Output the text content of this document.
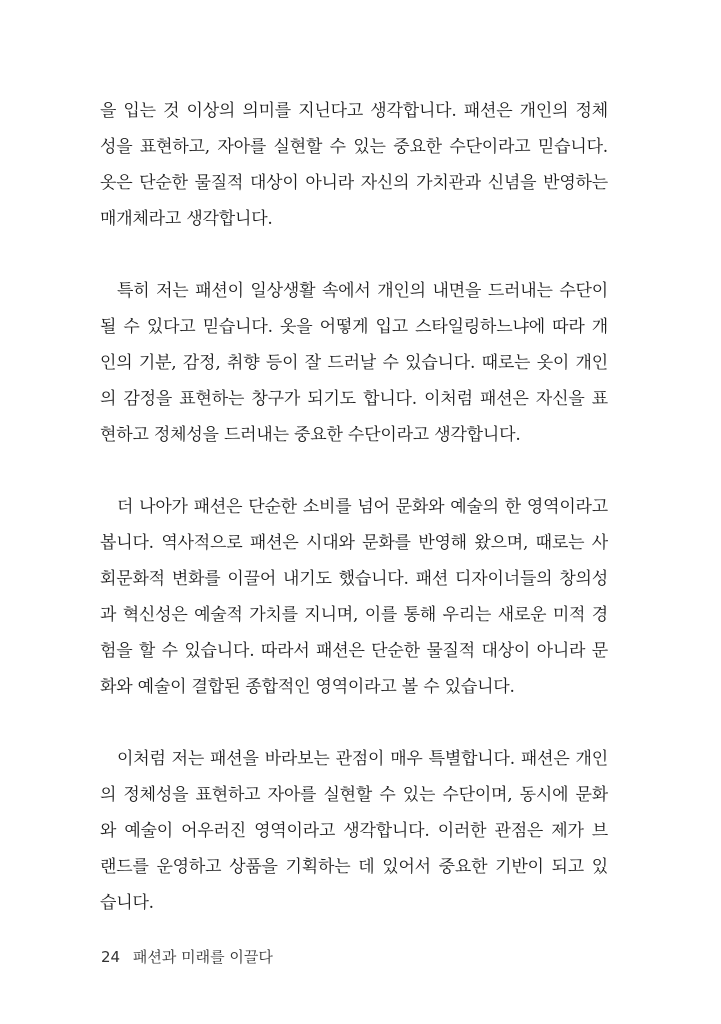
을 입는 것 이상의 의미를 지닌다고 생각합니다. 패션은 개인의 정체
성을 표현하고, 자아를 실현할 수 있는 중요한 수단이라고 믿습니다.
옷은 단순한 물질적 대상이 아니라 자신의 가치관과 신념을 반영하는
매개체라고 생각합니다.

특히 저는 패션이 일상생활 속에서 개인의 내면을 드러내는 수단이
될 수 있다고 믿습니다. 옷을 어떻게 입고 스타일링하느냐에 따라 개
인의 기분, 감정, 취향 등이 잘 드러날 수 있습니다. 때로는 옷이 개인
의 감정을 표현하는 창구가 되기도 합니다. 이처럼 패션은 자신을 표
현하고 정체성을 드러내는 중요한 수단이라고 생각합니다.

더 나아가 패션은 단순한 소비를 넘어 문화와 예술의 한 영역이라고
봅니다. 역사적으로 패션은 시대와 문화를 반영해 왔으며, 때로는 사
회문화적 변화를 이끌어 내기도 했습니다. 패션 디자이너들의 창의성
과 혁신성은 예술적 가치를 지니며, 이를 통해 우리는 새로운 미적 경
험을 할 수 있습니다. 따라서 패션은 단순한 물질적 대상이 아니라 문
화와 예술이 결합된 종합적인 영역이라고 볼 수 있습니다.

이처럼 저는 패션을 바라보는 관점이 매우 특별합니다. 패션은 개인
의 정체성을 표현하고 자아를 실현할 수 있는 수단이며, 동시에 문화
와 예술이 어우러진 영역이라고 생각합니다. 이러한 관점은 제가 브
랜드를 운영하고 상품을 기획하는 데 있어서 중요한 기반이 되고 있
습니다.

24 패션과 미래를 이끌다
